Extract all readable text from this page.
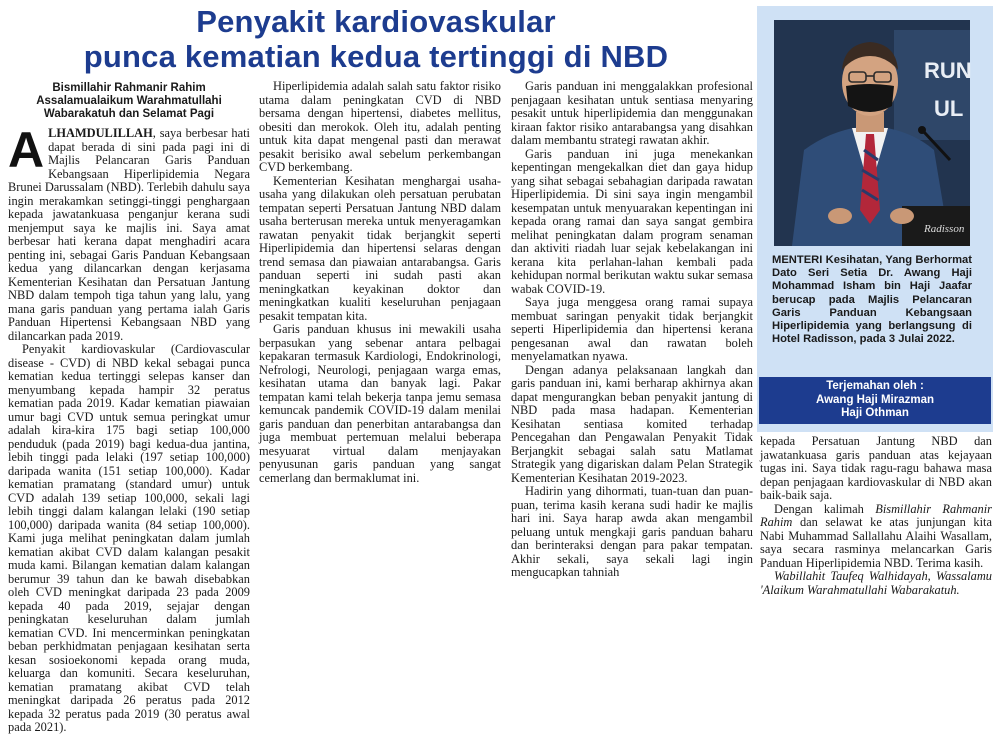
Penyakit kardiovaskular
punca kematian kedua tertinggi di NBD
Bismillahir Rahmanir Rahim
Assalamualaikum Warahmatullahi
Wabarakatuh dan Selamat Pagi

ALHAMDULILLAH, saya berbesar hati dapat berada di sini pada pagi ini di Majlis Pelancaran Garis Panduan Kebangsaan Hiperlipidemia Negara Brunei Darussalam (NBD). Terlebih dahulu saya ingin merakamkan setinggi-tinggi penghargaan kepada jawatankuasa penganjur kerana sudi menjemput saya ke majlis ini. Saya amat berbesar hati kerana dapat menghadiri acara penting ini, sebagai Garis Panduan Kebangsaan kedua yang dilancarkan dengan kerjasama Kementerian Kesihatan dan Persatuan Jantung NBD dalam tempoh tiga tahun yang lalu, yang mana garis panduan yang pertama ialah Garis Panduan Hipertensi Kebangsaan NBD yang dilancarkan pada 2019.

Penyakit kardiovaskular (Cardiovascular disease - CVD) di NBD kekal sebagai punca kematian kedua tertinggi selepas kanser dan menyumbang kepada hampir 32 peratus kematian pada 2019. Kadar kematian piawaian umur bagi CVD untuk semua peringkat umur adalah kira-kira 175 bagi setiap 100,000 penduduk (pada 2019) bagi kedua-dua jantina, lebih tinggi pada lelaki (197 setiap 100,000) daripada wanita (151 setiap 100,000). Kadar kematian pramatang (standard umur) untuk CVD adalah 139 setiap 100,000, sekali lagi lebih tinggi dalam kalangan lelaki (190 setiap 100,000) daripada wanita (84 setiap 100,000). Kami juga melihat peningkatan dalam jumlah kematian akibat CVD dalam kalangan pesakit muda kami. Bilangan kematian dalam kalangan berumur 39 tahun dan ke bawah disebabkan oleh CVD meningkat daripada 23 pada 2009 kepada 40 pada 2019, sejajar dengan peningkatan keseluruhan dalam jumlah kematian CVD. Ini mencerminkan peningkatan beban perkhidmatan penjagaan kesihatan serta kesan sosioekonomi kepada orang muda, keluarga dan komuniti. Secara keseluruhan, kematian pramatang akibat CVD telah meningkat daripada 26 peratus pada 2012 kepada 32 peratus pada 2019 (30 peratus awal pada 2021).

Hiperlipidemia adalah salah satu faktor risiko utama dalam peningkatan CVD di NBD bersama dengan hipertensi, diabetes mellitus, obesiti dan merokok. Oleh itu, adalah penting untuk kita dapat mengenal pasti dan merawat pesakit berisiko awal sebelum perkembangan CVD berkembang.

Kementerian Kesihatan menghargai usaha-usaha yang dilakukan oleh persatuan perubatan tempatan seperti Persatuan Jantung NBD dalam usaha berterusan mereka untuk menyeragamkan rawatan penyakit tidak berjangkit seperti Hiperlipidemia dan hipertensi selaras dengan trend semasa dan piawaian antarabangsa. Garis panduan seperti ini sudah pasti akan meningkatkan keyakinan doktor dan meningkatkan kualiti keseluruhan penjagaan pesakit tempatan kita.

Garis panduan khusus ini mewakili usaha berpasukan yang sebenar antara pelbagai kepakaran termasuk Kardiologi, Endokrinologi, Nefrologi, Neurologi, penjagaan warga emas, kesihatan utama dan banyak lagi. Pakar tempatan kami telah bekerja tanpa jemu semasa kemuncak pandemik COVID-19 dalam menilai garis panduan dan penerbitan antarabangsa dan juga membuat pertemuan melalui beberapa mesyuarat virtual dalam menjayakan penyusunan garis panduan yang sangat cemerlang dan bermaklumat ini.

Garis panduan ini menggalakkan profesional penjagaan kesihatan untuk sentiasa menyaring pesakit untuk hiperlipidemia dan menggunakan kiraan faktor risiko antarabangsa yang disahkan dalam membantu strategi rawatan akhir.

Garis panduan ini juga menekankan kepentingan mengekalkan diet dan gaya hidup yang sihat sebagai sebahagian daripada rawatan Hiperlipidemia. Di sini saya ingin mengambil kesempatan untuk menyuarakan kepentingan ini kepada orang ramai dan saya sangat gembira melihat peningkatan dalam program senaman dan aktiviti riadah luar sejak kebelakangan ini kerana kita perlahan-lahan kembali pada kehidupan normal berikutan waktu sukar semasa wabak COVID-19.

Saya juga menggesa orang ramai supaya membuat saringan penyakit tidak berjangkit seperti Hiperlipidemia dan hipertensi kerana pengesanan awal dan rawatan boleh menyelamatkan nyawa.

Dengan adanya pelaksanaan langkah dan garis panduan ini, kami berharap akhirnya akan dapat mengurangkan beban penyakit jantung di NBD pada masa hadapan. Kementerian Kesihatan sentiasa komited terhadap Pencegahan dan Pengawalan Penyakit Tidak Berjangkit sebagai salah satu Matlamat Strategik yang digariskan dalam Pelan Strategik Kementerian Kesihatan 2019-2023.

Hadirin yang dihormati, tuan-tuan dan puan-puan, terima kasih kerana sudi hadir ke majlis hari ini. Saya harap awda akan mengambil peluang untuk mengkaji garis panduan baharu dan berinteraksi dengan para pakar tempatan. Akhir sekali, saya sekali lagi ingin mengucapkan tahniah

RUN
UL
Radisson

MENTERI Kesihatan, Yang Berhormat Dato Seri Setia Dr. Awang Haji Mohammad Isham bin Haji Jaafar berucap pada Majlis Pelancaran Garis Panduan Kebangsaan Hiperlipidemia yang berlangsung di Hotel Radisson, pada 3 Julai 2022.

Terjemahan oleh :
Awang Haji Mirazman
Haji Othman

kepada Persatuan Jantung NBD dan jawatankuasa garis panduan atas kejayaan tugas ini. Saya tidak ragu-ragu bahawa masa depan penjagaan kardiovaskular di NBD akan baik-baik saja.

Dengan kalimah Bismillahir Rahmanir Rahim dan selawat ke atas junjungan kita Nabi Muhammad Sallallahu Alaihi Wasallam, saya secara rasminya melancarkan Garis Panduan Hiperlipidemia NBD. Terima kasih.

Wabillahit Taufeq Walhidayah, Wassalamu 'Alaikum Warahmatullahi Wabarakatuh.
